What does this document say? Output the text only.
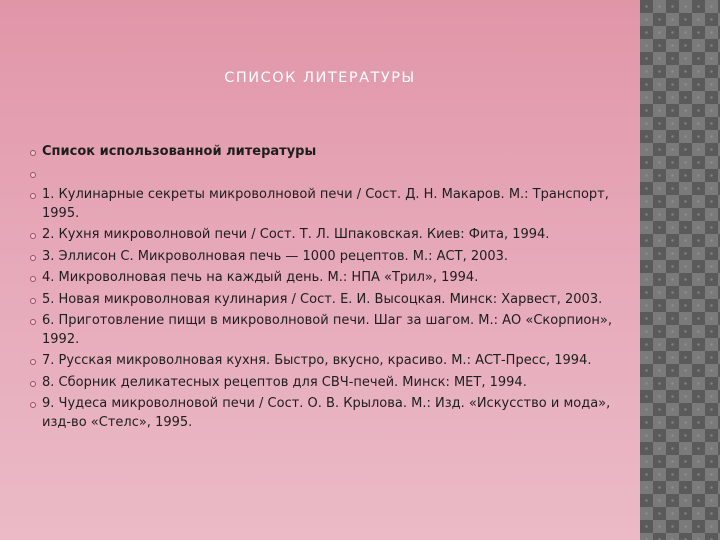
СПИСОК ЛИТЕРАТУРЫ
Список использованной литературы
1. Кулинарные секреты микроволновой печи / Сост. Д. Н. Макаров. М.: Транспорт, 1995.
2. Кухня микроволновой печи / Сост. Т. Л. Шпаковская. Киев: Фита, 1994.
3. Эллисон С. Микроволновая печь — 1000 рецептов. М.: АСТ, 2003.
4. Микроволновая печь на каждый день. М.: НПА «Трил», 1994.
5. Новая микроволновая кулинария / Сост. Е. И. Высоцкая. Минск: Харвест, 2003.
6. Приготовление пищи в микроволновой печи. Шаг за шагом. М.: АО «Скорпион», 1992.
7. Русская микроволновая кухня. Быстро, вкусно, красиво. М.: АСТ-Пресс, 1994.
8. Сборник деликатесных рецептов для СВЧ-печей. Минск: МЕТ, 1994.
9. Чудеса микроволновой печи / Сост. О. В. Крылова. М.: Изд. «Искусство и мода», изд-во «Стелс», 1995.
